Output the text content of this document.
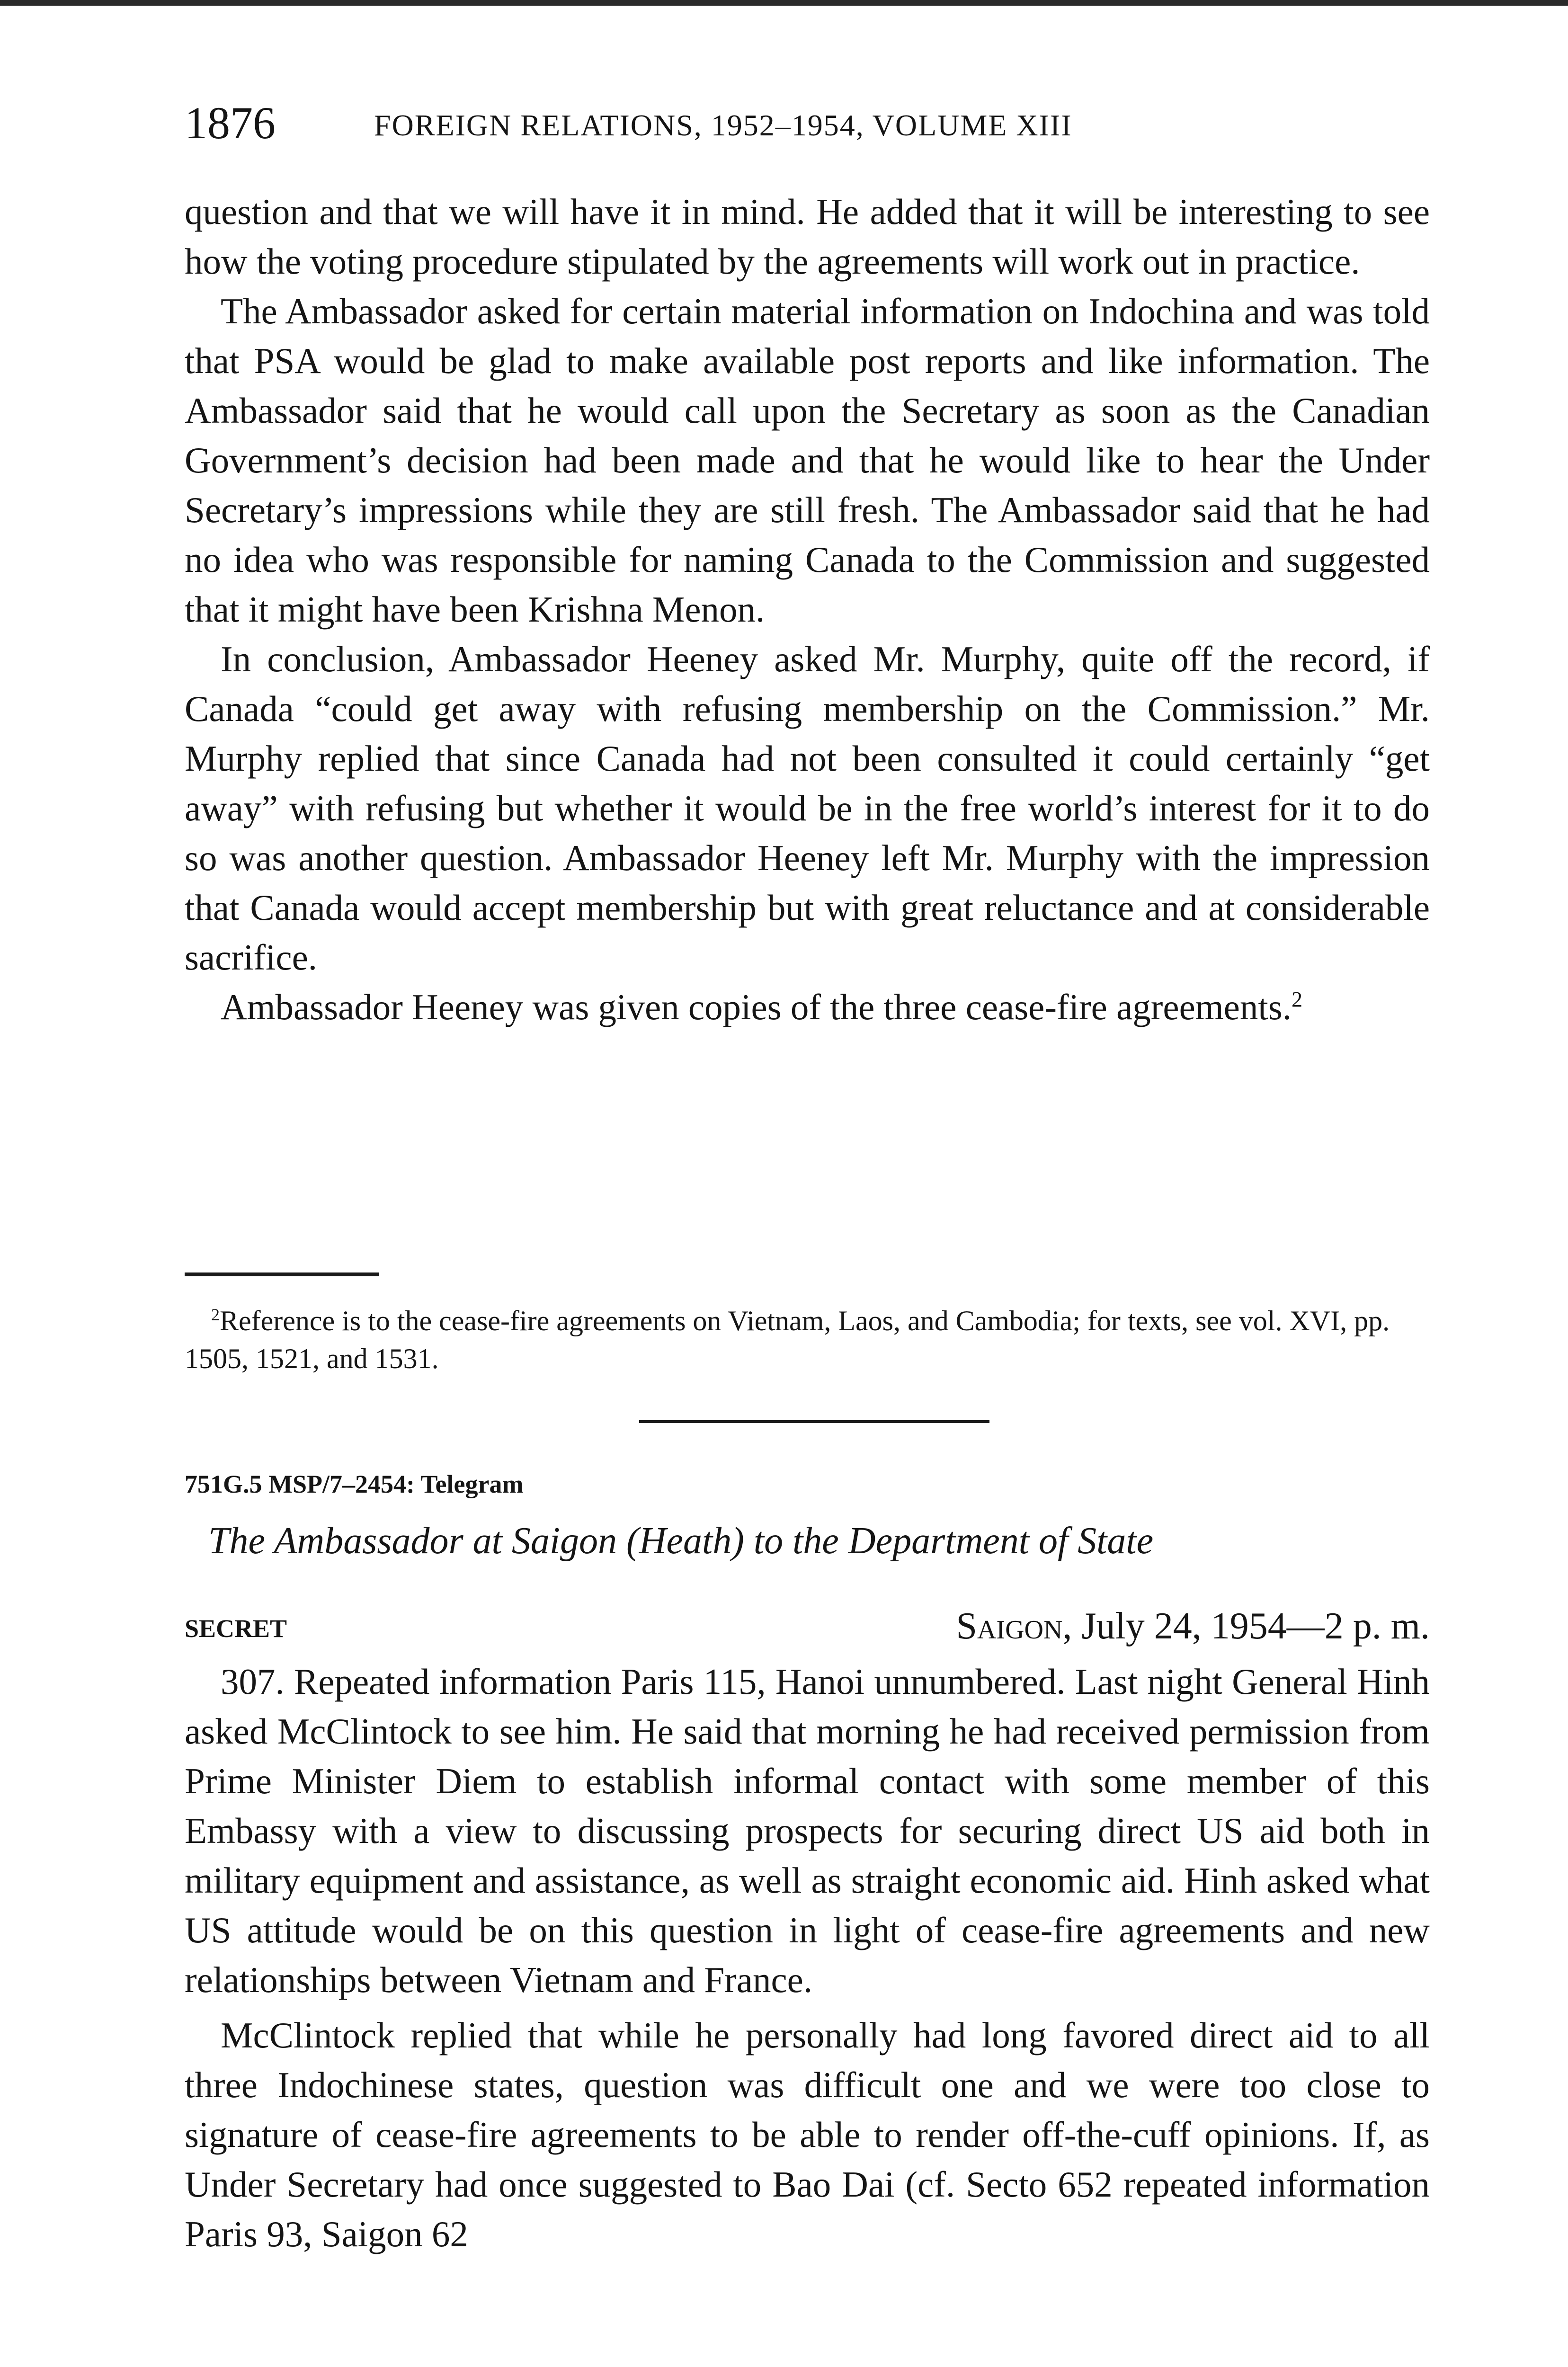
1876	FOREIGN RELATIONS, 1952–1954, VOLUME XIII

question and that we will have it in mind. He added that it will be interesting to see how the voting procedure stipulated by the agreements will work out in practice.

The Ambassador asked for certain material information on Indochina and was told that PSA would be glad to make available post reports and like information. The Ambassador said that he would call upon the Secretary as soon as the Canadian Government’s decision had been made and that he would like to hear the Under Secretary’s impressions while they are still fresh. The Ambassador said that he had no idea who was responsible for naming Canada to the Commission and suggested that it might have been Krishna Menon.

In conclusion, Ambassador Heeney asked Mr. Murphy, quite off the record, if Canada “could get away with refusing membership on the Commission.” Mr. Murphy replied that since Canada had not been consulted it could certainly “get away” with refusing but whether it would be in the free world’s interest for it to do so was another question. Ambassador Heeney left Mr. Murphy with the impression that Canada would accept membership but with great reluctance and at considerable sacrifice.

Ambassador Heeney was given copies of the three cease-fire agreements.$^2$

$^2$Reference is to the cease-fire agreements on Vietnam, Laos, and Cambodia; for texts, see vol. XVI, pp. 1505, 1521, and 1531.

751G.5 MSP/7–2454: Telegram
The Ambassador at Saigon (Heath) to the Department of State
SECRET	Saigon, July 24, 1954—2 p. m.

307. Repeated information Paris 115, Hanoi unnumbered. Last night General Hinh asked McClintock to see him. He said that morning he had received permission from Prime Minister Diem to establish informal contact with some member of this Embassy with a view to discussing prospects for securing direct US aid both in military equipment and assistance, as well as straight economic aid. Hinh asked what US attitude would be on this question in light of cease-fire agreements and new relationships between Vietnam and France.

McClintock replied that while he personally had long favored direct aid to all three Indochinese states, question was difficult one and we were too close to signature of cease-fire agreements to be able to render off-the-cuff opinions. If, as Under Secretary had once suggested to Bao Dai (cf. Secto 652 repeated information Paris 93, Saigon 62
